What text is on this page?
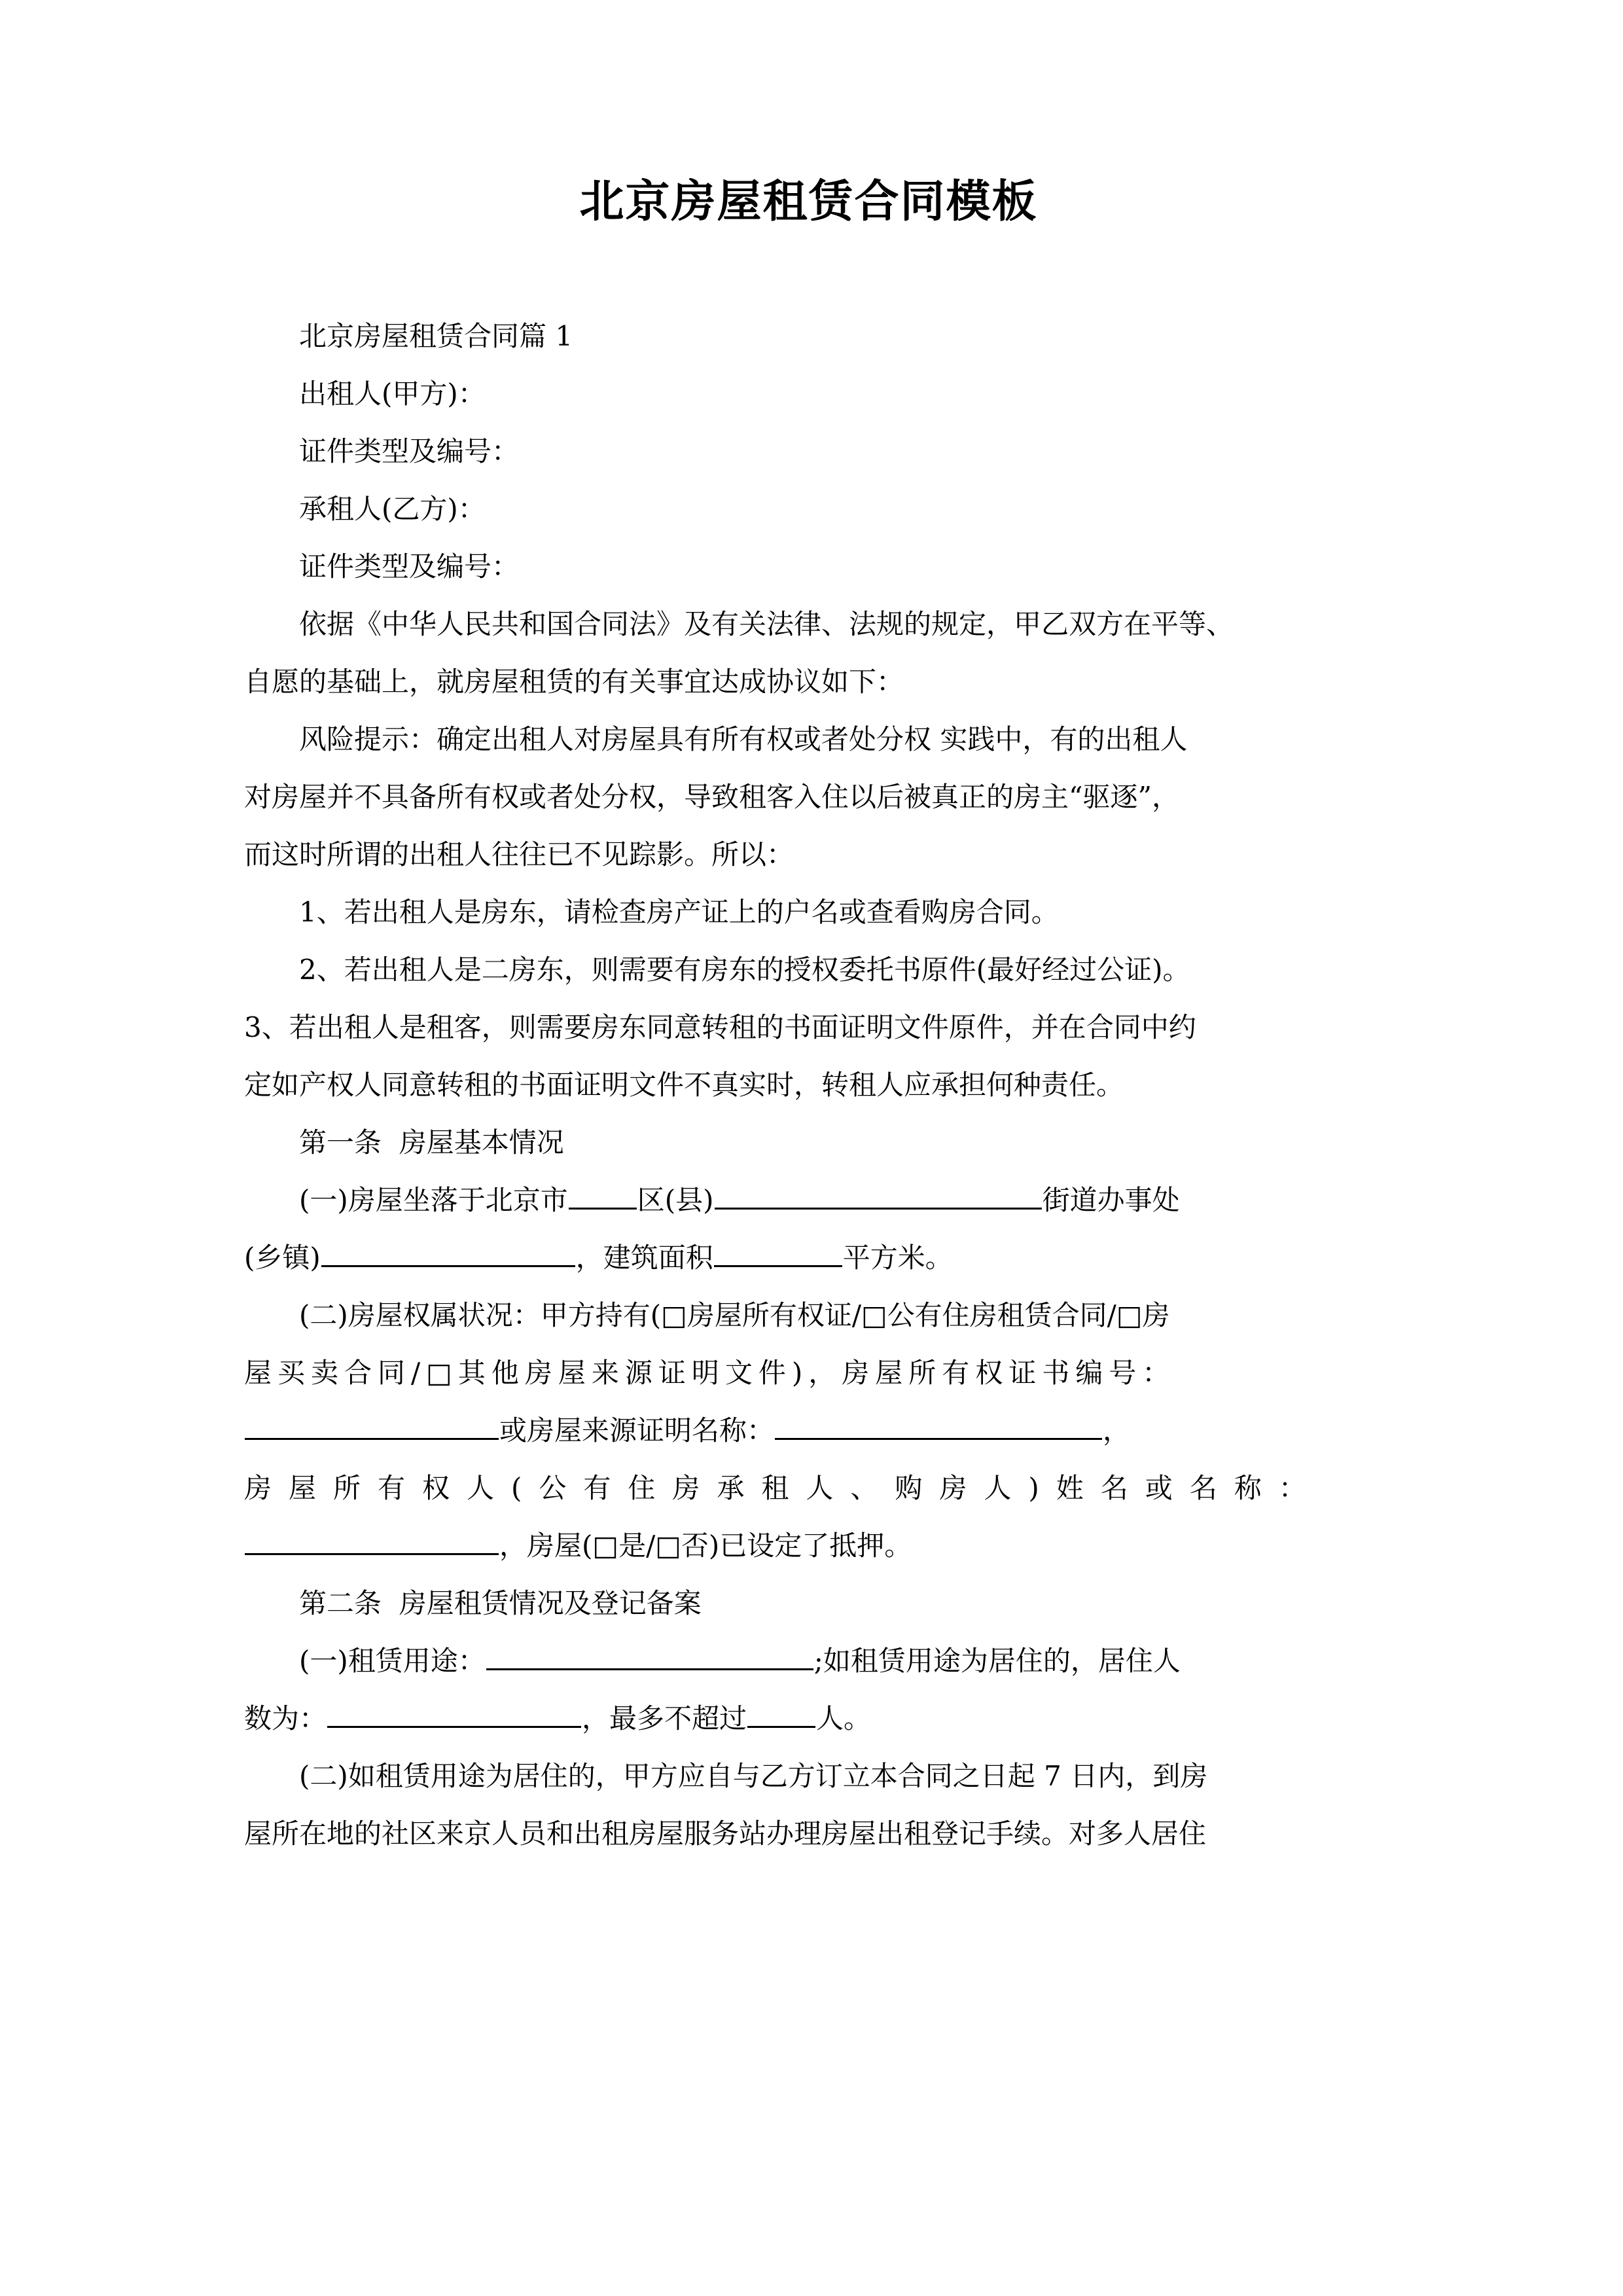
北京房屋租赁合同模板

北京房屋租赁合同篇 1

出租人(甲方)：

证件类型及编号：

承租人(乙方)：

证件类型及编号：

依据《中华人民共和国合同法》及有关法律、法规的规定，甲乙双方在平等、

自愿的基础上，就房屋租赁的有关事宜达成协议如下：

风险提示：确定出租人对房屋具有所有权或者处分权 实践中，有的出租人

对房屋并不具备所有权或者处分权，导致租客入住以后被真正的房主“驱逐”，

而这时所谓的出租人往往已不见踪影。所以：

1、若出租人是房东，请检查房产证上的户名或查看购房合同。

2、若出租人是二房东，则需要有房东的授权委托书原件(最好经过公证)。

3、若出租人是租客，则需要房东同意转租的书面证明文件原件，并在合同中约

定如产权人同意转租的书面证明文件不真实时，转租人应承担何种责任。

第一条  房屋基本情况

(一)房屋坐落于北京市	区(县)	街道办事处

(乡镇)	，建筑面积	平方米。

(二)房屋权属状况：甲方持有(□房屋所有权证/□公有住房租赁合同/□房

屋买卖合同/□其他房屋来源证明文件)，房屋所有权证书编号：

或房屋来源证明名称：	，

房屋所有权人(公有住房承租人、购房人)姓名或名称：

，房屋(□是/□否)已设定了抵押。

第二条  房屋租赁情况及登记备案

(一)租赁用途：	;如租赁用途为居住的，居住人

数为：	，最多不超过	人。

(二)如租赁用途为居住的，甲方应自与乙方订立本合同之日起 7 日内，到房

屋所在地的社区来京人员和出租房屋服务站办理房屋出租登记手续。对多人居住
